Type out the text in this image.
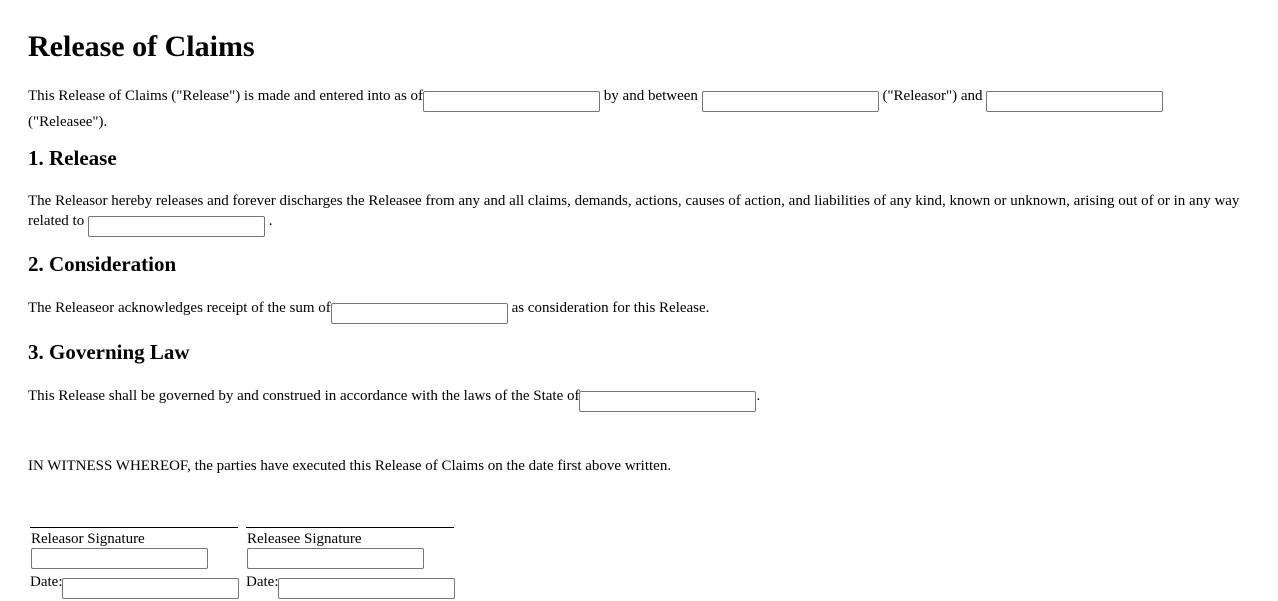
Release of Claims

This Release of Claims ("Release") is made and entered into as of	by and between	("Releasor") and
("Releasee").

1. Release

The Releasor hereby releases and forever discharges the Releasee from any and all claims, demands, actions, causes of action, and liabilities of any kind, known or unknown, arising out of or in any way related to	.

2. Consideration

The Releaseor acknowledges receipt of the sum of	as consideration for this Release.

3. Governing Law

This Release shall be governed by and construed in accordance with the laws of the State of	.

IN WITNESS WHEREOF, the parties have executed this Release of Claims on the date first above written.

Releasor Signature
Date:
Releasee Signature
Date:
